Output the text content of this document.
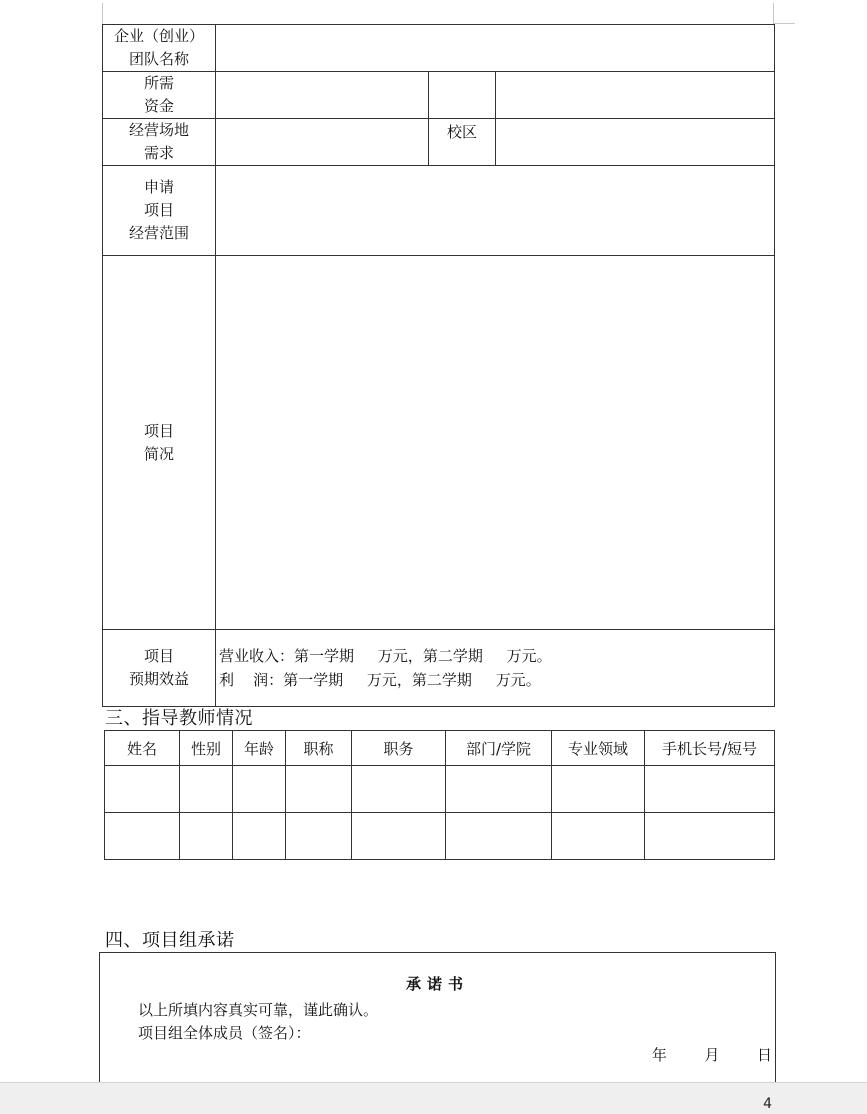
企业（创业）
团队名称			

所需
资金			

经营场地
需求		校区	

申请
项目
经营范围			

项目
简况			

项目
预期效益	营业收入：第一学期     万元，第二学期     万元。
利    润：第一学期     万元，第二学期     万元。		
三、指导教师情况
姓名	性别	年龄	职称	职务	部门/学院	专业领域	手机长号/短号

四、项目组承诺
承诺书
以上所填内容真实可靠，谨此确认。
项目组全体成员（签名）：
年  月  日
4
